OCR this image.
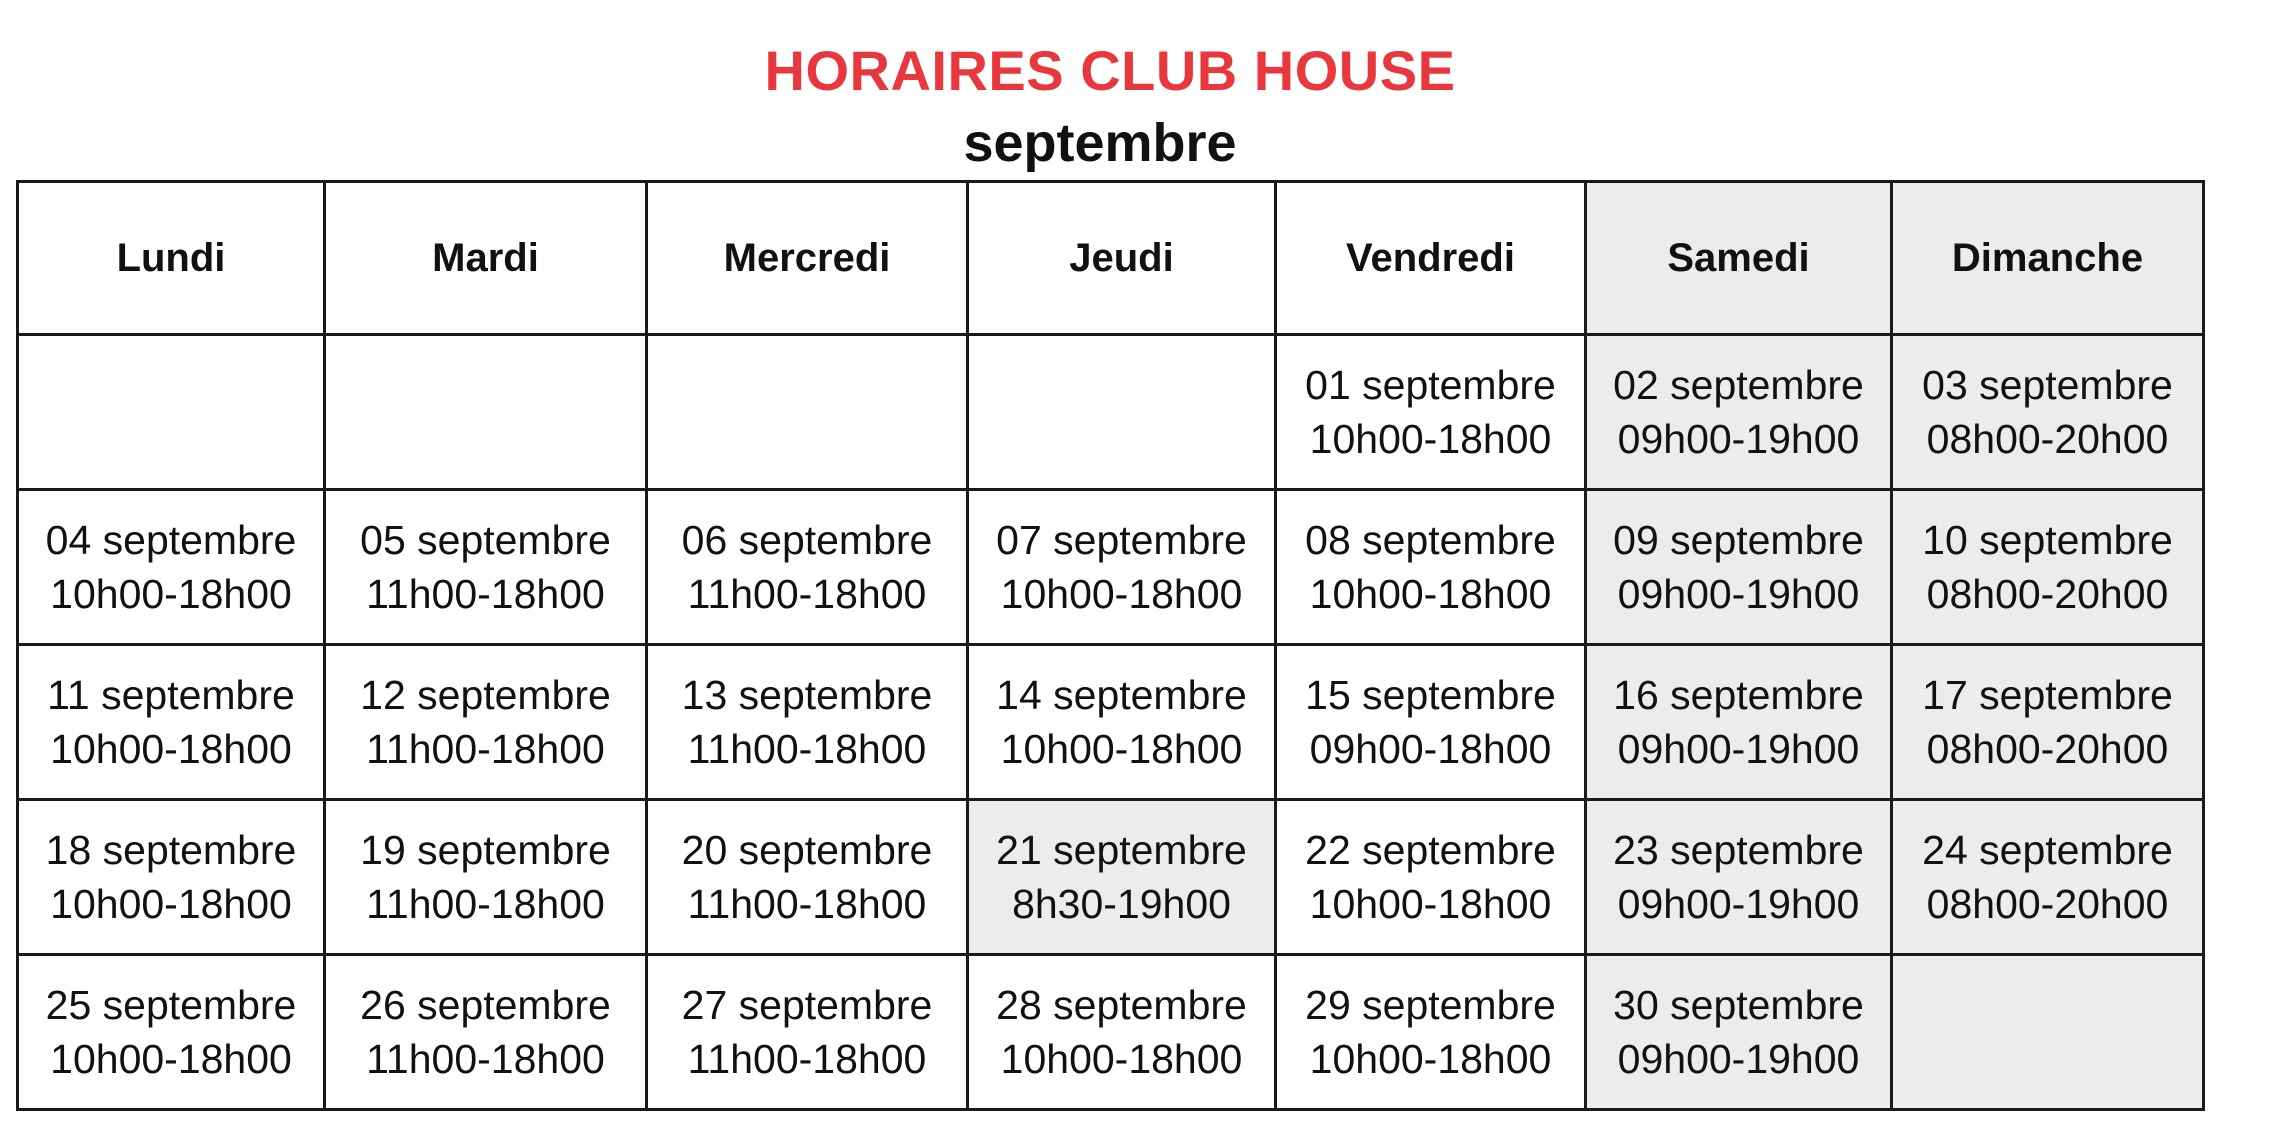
HORAIRES CLUB HOUSE
septembre
Lundi	Mardi	Mercredi	Jeudi	Vendredi	Samedi	Dimanche

				01 septembre
10h00-18h00	02 septembre
09h00-19h00	03 septembre
08h00-20h00

04 septembre
10h00-18h00	05 septembre
11h00-18h00	06 septembre
11h00-18h00	07 septembre
10h00-18h00	08 septembre
10h00-18h00	09 septembre
09h00-19h00	10 septembre
08h00-20h00

11 septembre
10h00-18h00	12 septembre
11h00-18h00	13 septembre
11h00-18h00	14 septembre
10h00-18h00	15 septembre
09h00-18h00	16 septembre
09h00-19h00	17 septembre
08h00-20h00

18 septembre
10h00-18h00	19 septembre
11h00-18h00	20 septembre
11h00-18h00	21 septembre
8h30-19h00	22 septembre
10h00-18h00	23 septembre
09h00-19h00	24 septembre
08h00-20h00

25 septembre
10h00-18h00	26 septembre
11h00-18h00	27 septembre
11h00-18h00	28 septembre
10h00-18h00	29 septembre
10h00-18h00	30 septembre
09h00-19h00	
